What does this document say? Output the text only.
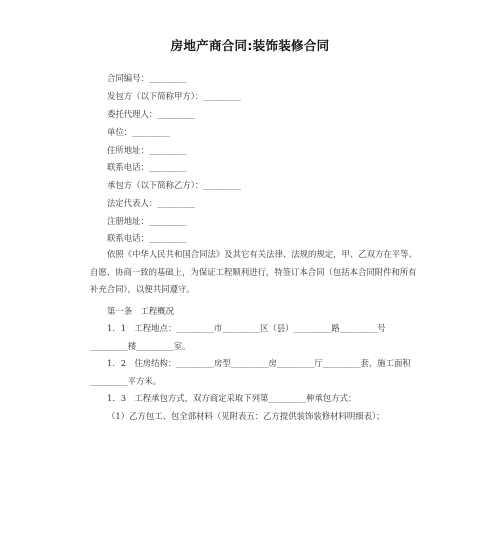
房地产商合同:装饰装修合同
合同编号：_________
发包方（以下简称甲方）：_________
委托代理人：_________
单位：_________
住所地址：_________
联系电话：_________
承包方（以下简称乙方）：_________
法定代表人：_________
注册地址：_________
联系电话：_________
依照《中华人民共和国合同法》及其它有关法律、法规的规定，甲、乙双方在平等、自愿、协商一致的基础上，为保证工程顺利进行，特签订本合同（包括本合同附件和所有补充合同），以便共同遵守。
第一条　工程概况
1．1　工程地点：_________市_________区（县）_________路_________号_________楼_________室。
1．2　住房结构：_________房型_________房_________厅_________套，施工面积_________平方米。
1．3　工程承包方式，双方商定采取下列第_________种承包方式：
（1）乙方包工、包全部材料（见附表五：乙方提供装饰装修材料明细表）；
